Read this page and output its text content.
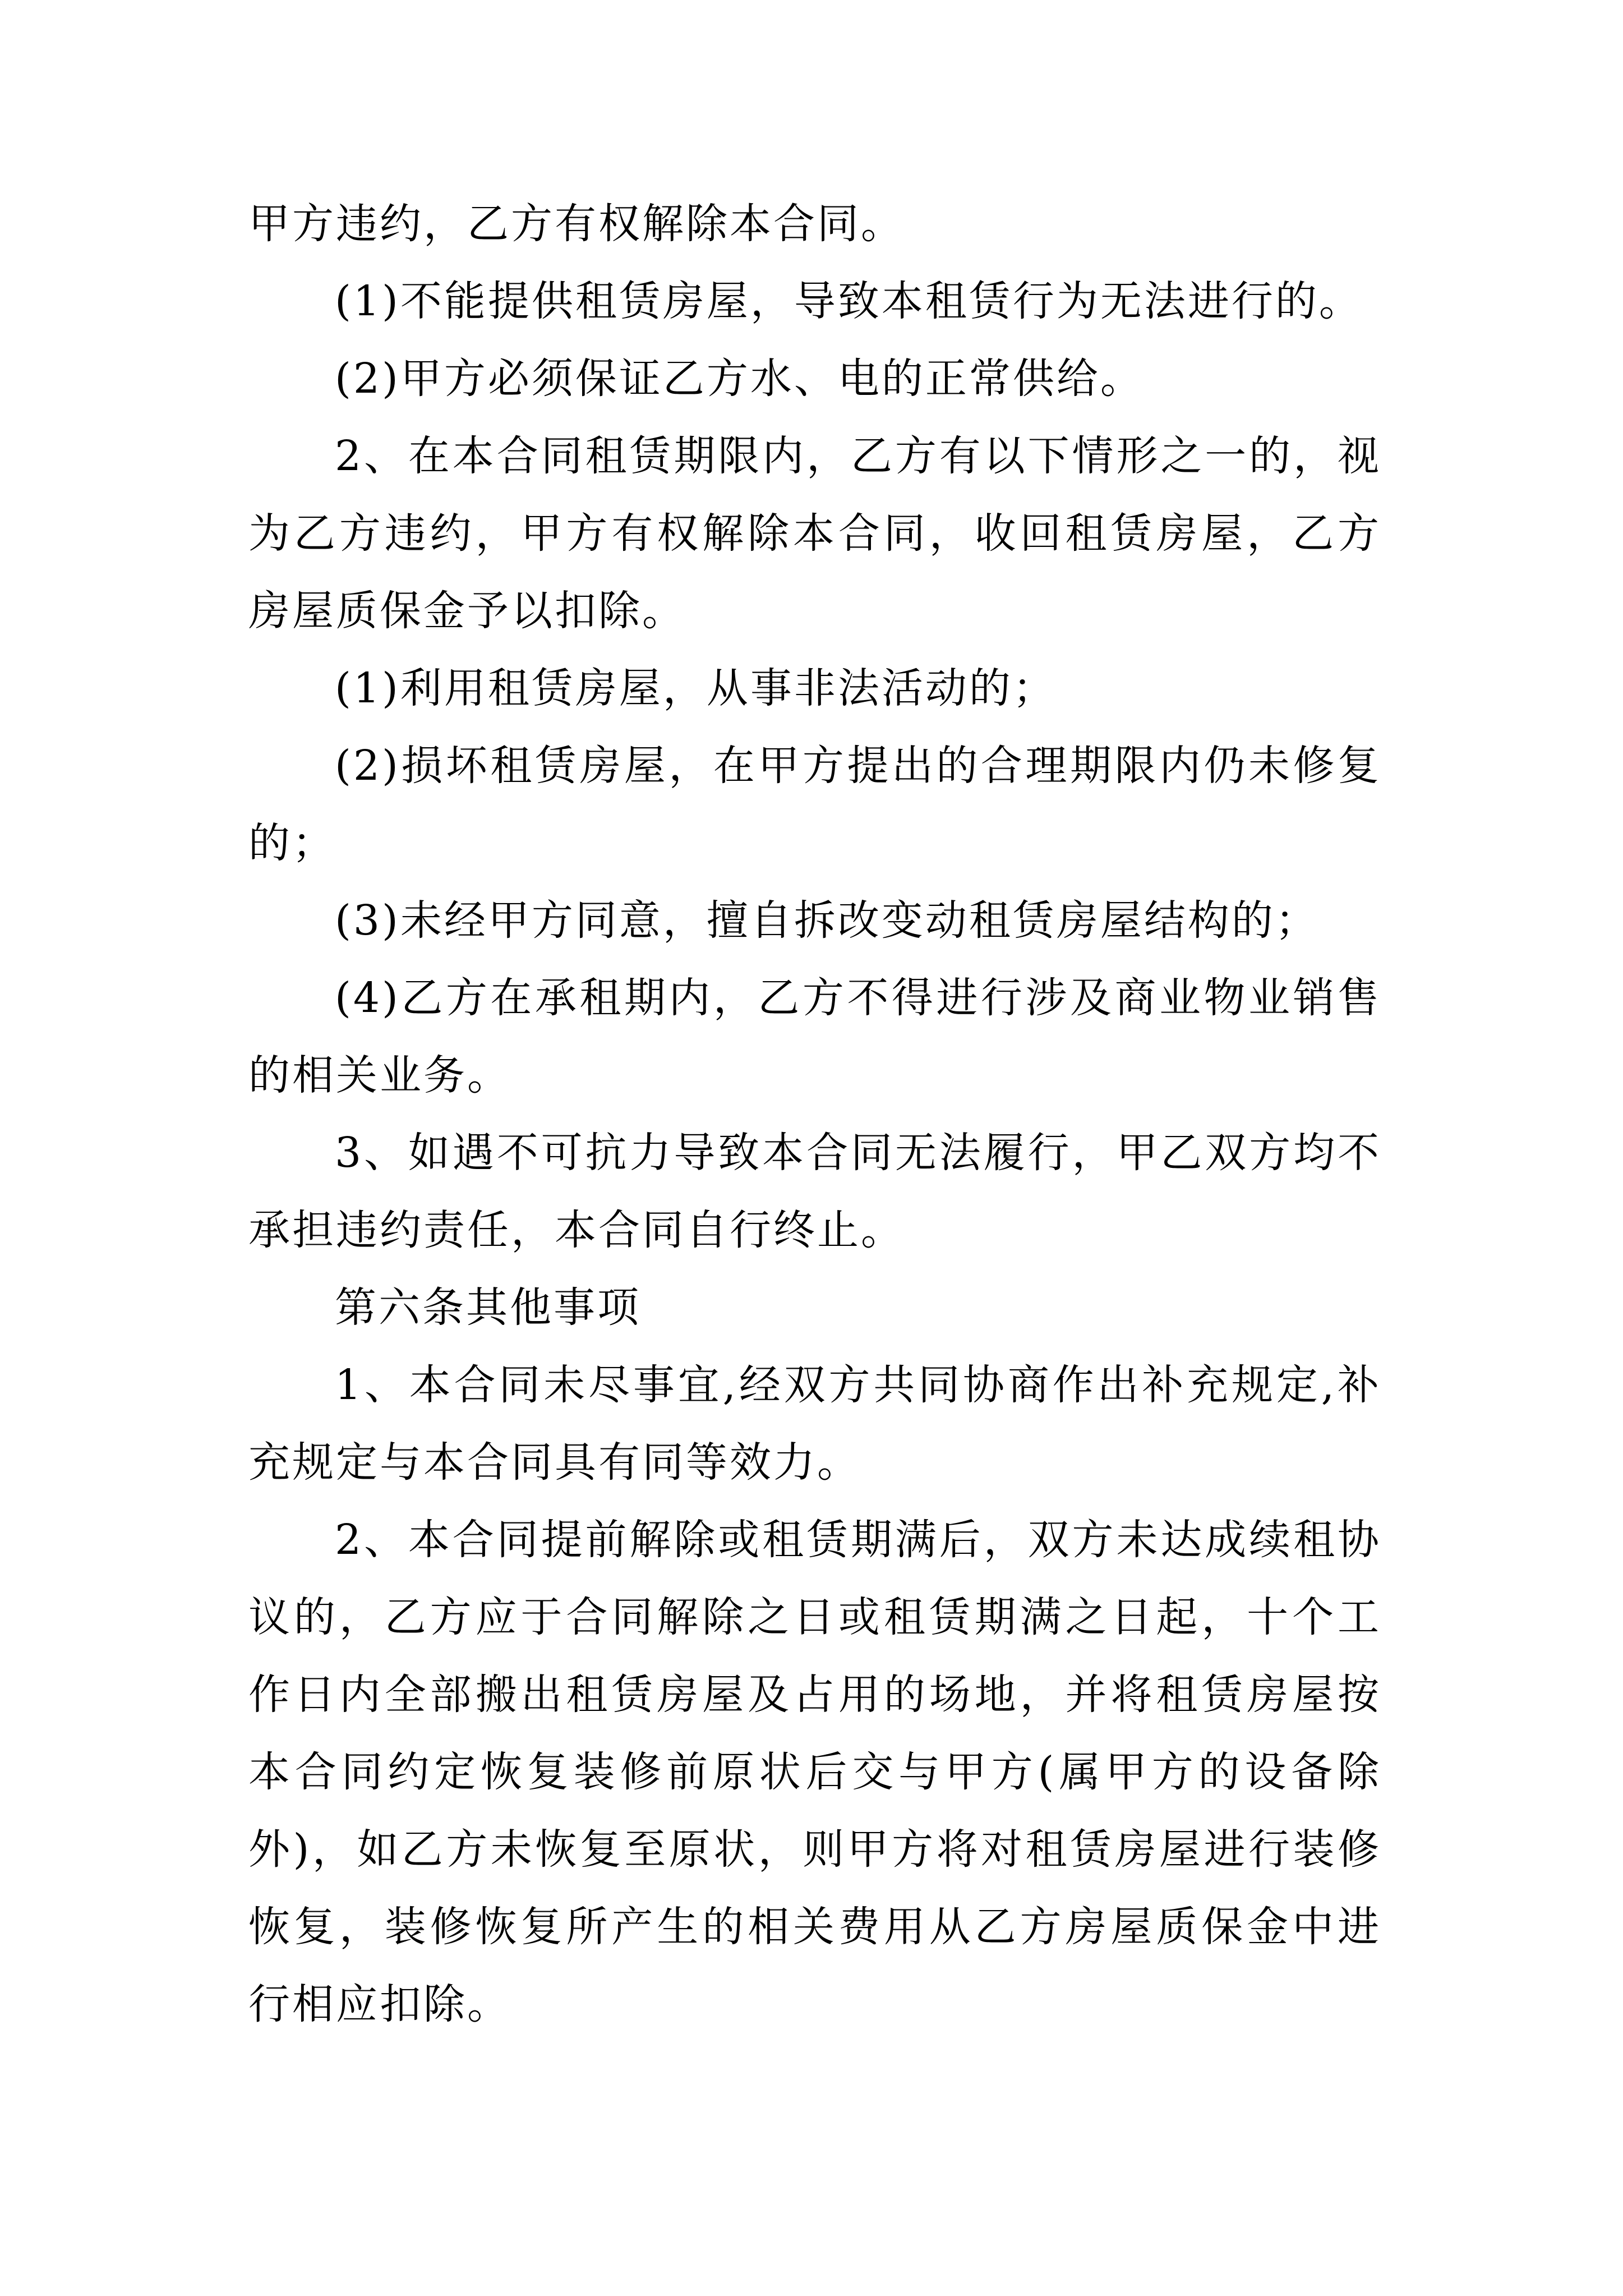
甲方违约，乙方有权解除本合同。

(1)不能提供租赁房屋，导致本租赁行为无法进行的。

(2)甲方必须保证乙方水、电的正常供给。

2、在本合同租赁期限内，乙方有以下情形之一的，视为乙方违约，甲方有权解除本合同，收回租赁房屋，乙方房屋质保金予以扣除。

(1)利用租赁房屋，从事非法活动的；

(2)损坏租赁房屋，在甲方提出的合理期限内仍未修复的；

(3)未经甲方同意，擅自拆改变动租赁房屋结构的；

(4)乙方在承租期内，乙方不得进行涉及商业物业销售的相关业务。

3、如遇不可抗力导致本合同无法履行，甲乙双方均不承担违约责任，本合同自行终止。

第六条其他事项

1、本合同未尽事宜,经双方共同协商作出补充规定,补充规定与本合同具有同等效力。

2、本合同提前解除或租赁期满后，双方未达成续租协议的，乙方应于合同解除之日或租赁期满之日起，十个工作日内全部搬出租赁房屋及占用的场地，并将租赁房屋按本合同约定恢复装修前原状后交与甲方(属甲方的设备除外)，如乙方未恢复至原状，则甲方将对租赁房屋进行装修恢复，装修恢复所产生的相关费用从乙方房屋质保金中进行相应扣除。
